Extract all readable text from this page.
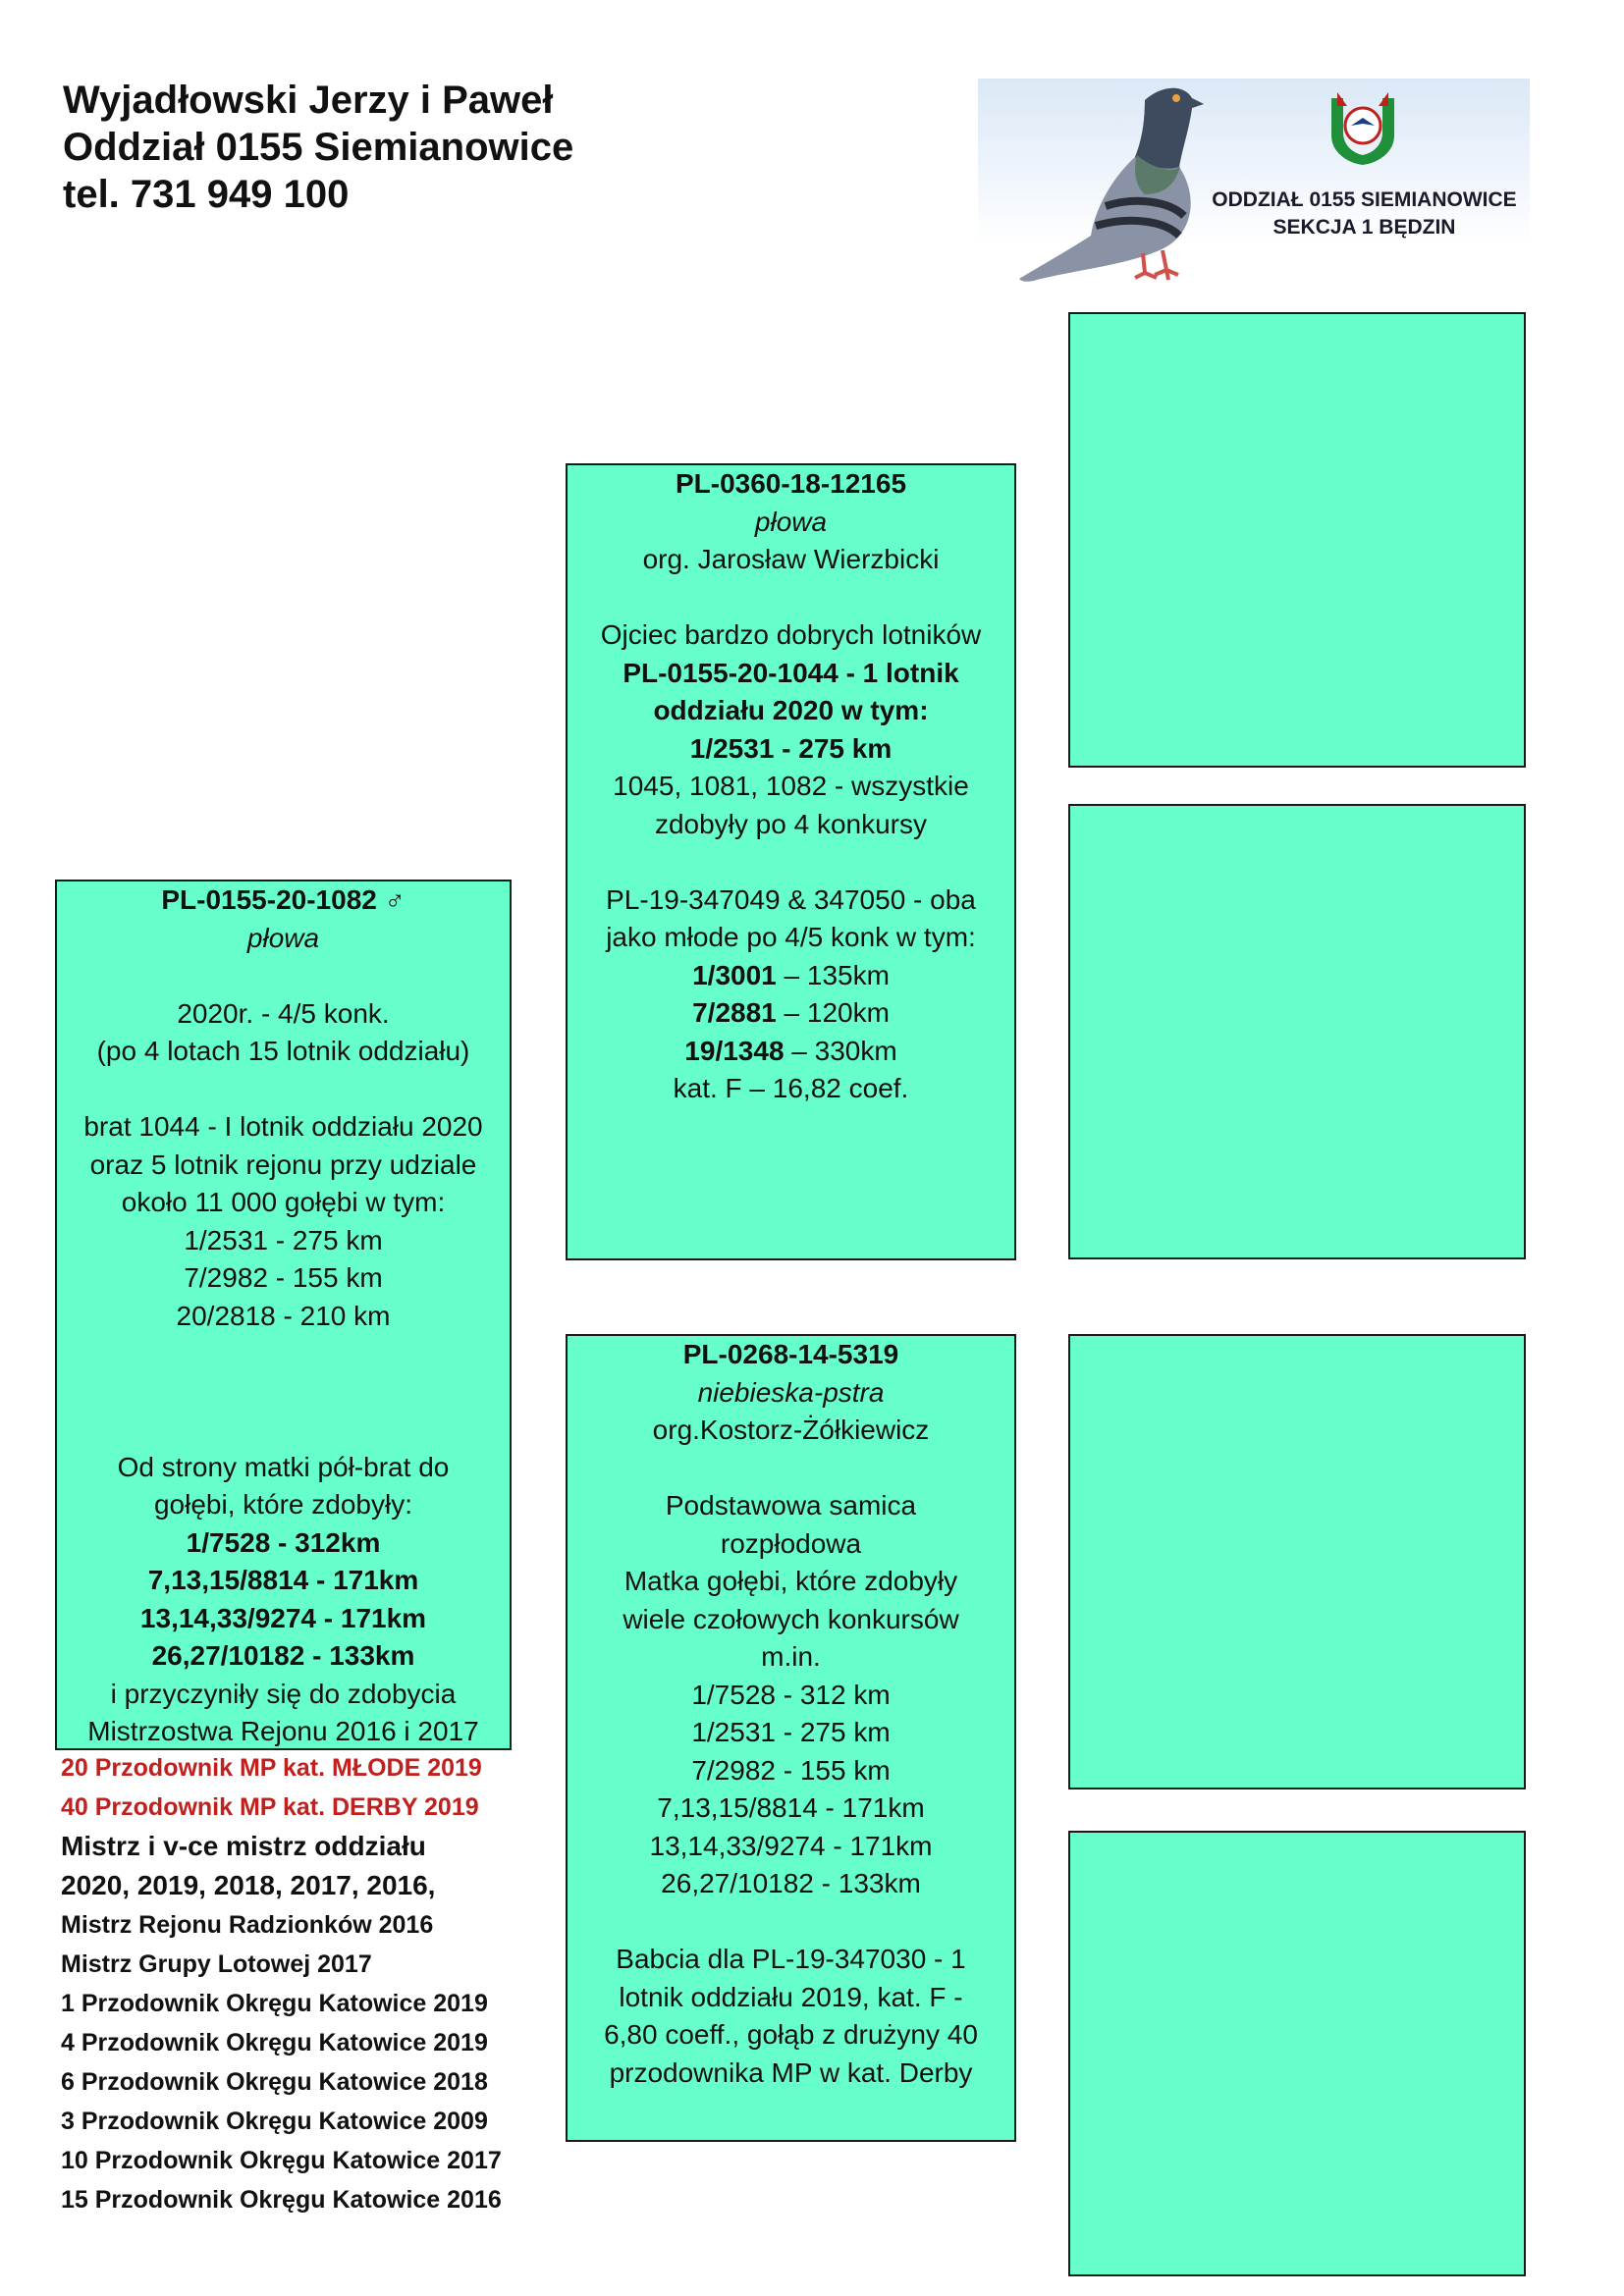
Wyjadłowski Jerzy i Paweł
Oddział 0155 Siemianowice
tel. 731 949 100	ODDZIAŁ 0155 SIEMIANOWICE
SEKCJA 1 BĘDZIN

PL-0155-20-1082 ♂

płowa

2020r. - 4/5 konk.

(po 4 lotach 15 lotnik oddziału)

brat 1044 - I lotnik oddziału 2020

oraz 5 lotnik rejonu przy udziale

około 11 000 gołębi w tym:

1/2531 - 275 km

7/2982 - 155 km

20/2818 - 210 km

Od strony matki pół-brat do

gołębi, które zdobyły:

1/7528 - 312km

7,13,15/8814 - 171km

13,14,33/9274 - 171km

26,27/10182 - 133km

i przyczyniły się do zdobycia

Mistrzostwa Rejonu 2016 i 2017

PL-0360-18-12165

płowa

org. Jarosław Wierzbicki

Ojciec bardzo dobrych lotników

PL-0155-20-1044 - 1 lotnik

oddziału 2020 w tym:

1/2531 - 275 km

1045, 1081, 1082 - wszystkie

zdobyły po 4 konkursy

PL-19-347049 & 347050 - oba

jako młode po 4/5 konk w tym:

1/3001 – 135km

7/2881 – 120km

19/1348 – 330km

kat. F – 16,82 coef.

PL-0268-14-5319

niebieska-pstra

org.Kostorz-Żółkiewicz

Podstawowa samica

rozpłodowa

Matka gołębi, które zdobyły

wiele czołowych konkursów

m.in.

1/7528 - 312 km

1/2531 - 275 km

7/2982 - 155 km

7,13,15/8814 - 171km

13,14,33/9274 - 171km

26,27/10182 - 133km

Babcia dla PL-19-347030 - 1

lotnik oddziału 2019, kat. F -

6,80 coeff., gołąb z drużyny 40

przodownika MP w kat. Derby

20 Przodownik MP kat. MŁODE 2019

40 Przodownik MP kat. DERBY 2019

Mistrz i v-ce mistrz oddziału

2020, 2019, 2018, 2017, 2016,

Mistrz Rejonu Radzionków 2016

Mistrz Grupy Lotowej 2017

1 Przodownik Okręgu Katowice 2019

4 Przodownik Okręgu Katowice 2019

6 Przodownik Okręgu Katowice 2018

3 Przodownik Okręgu Katowice 2009

10 Przodownik Okręgu Katowice 2017

15 Przodownik Okręgu Katowice 2016
